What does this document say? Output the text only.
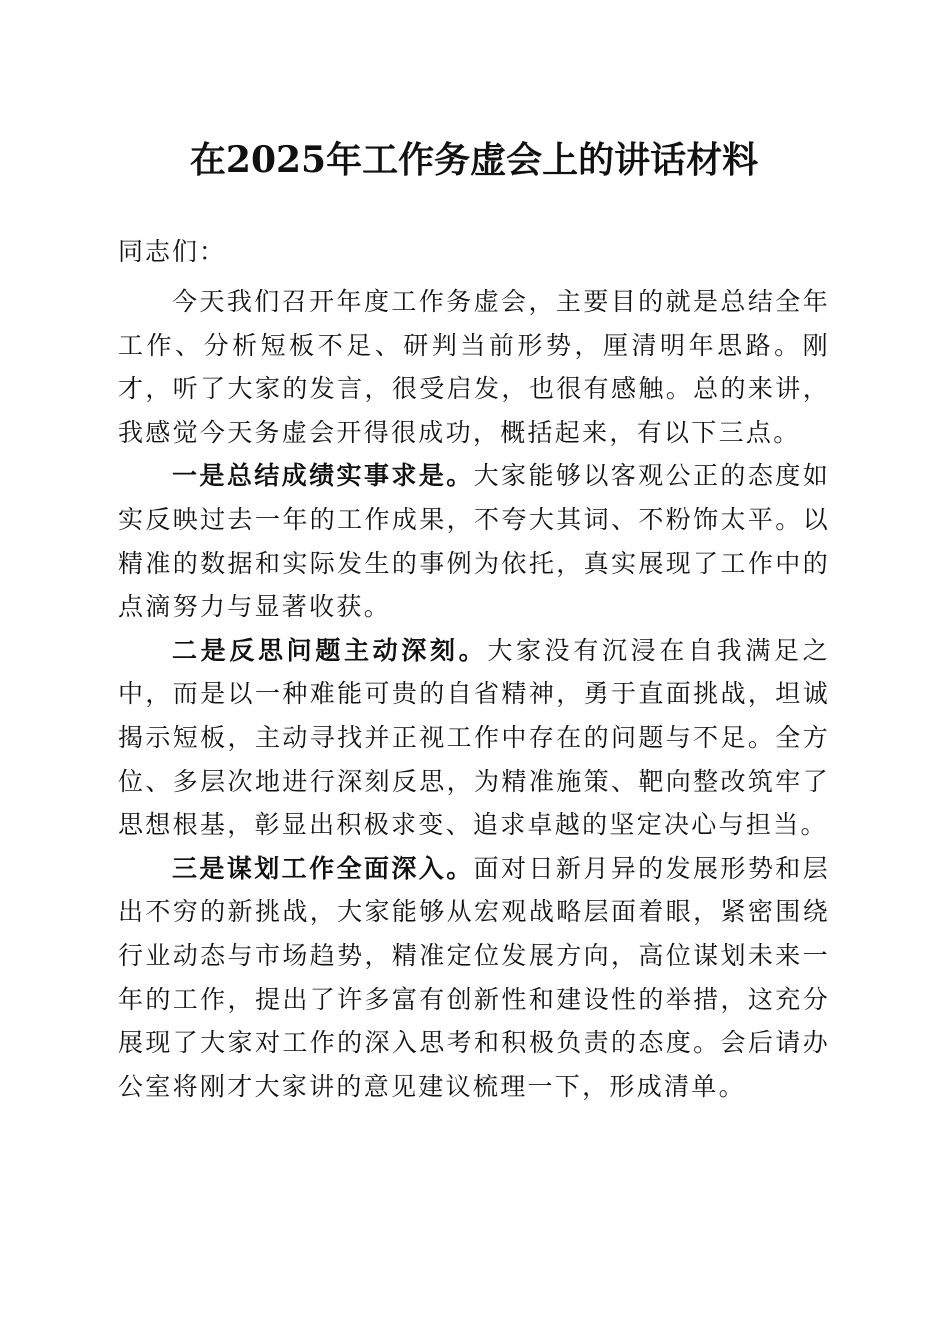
在2025年工作务虚会上的讲话材料

同志们：

今天我们召开年度工作务虚会，主要目的就是总结全年工作、分析短板不足、研判当前形势，厘清明年思路。刚才，听了大家的发言，很受启发，也很有感触。总的来讲，我感觉今天务虚会开得很成功，概括起来，有以下三点。

一是总结成绩实事求是。大家能够以客观公正的态度如实反映过去一年的工作成果，不夸大其词、不粉饰太平。以精准的数据和实际发生的事例为依托，真实展现了工作中的点滴努力与显著收获。

二是反思问题主动深刻。大家没有沉浸在自我满足之中，而是以一种难能可贵的自省精神，勇于直面挑战，坦诚揭示短板，主动寻找并正视工作中存在的问题与不足。全方位、多层次地进行深刻反思，为精准施策、靶向整改筑牢了思想根基，彰显出积极求变、追求卓越的坚定决心与担当。

三是谋划工作全面深入。面对日新月异的发展形势和层出不穷的新挑战，大家能够从宏观战略层面着眼，紧密围绕行业动态与市场趋势，精准定位发展方向，高位谋划未来一年的工作，提出了许多富有创新性和建设性的举措，这充分展现了大家对工作的深入思考和积极负责的态度。会后请办公室将刚才大家讲的意见建议梳理一下，形成清单。
